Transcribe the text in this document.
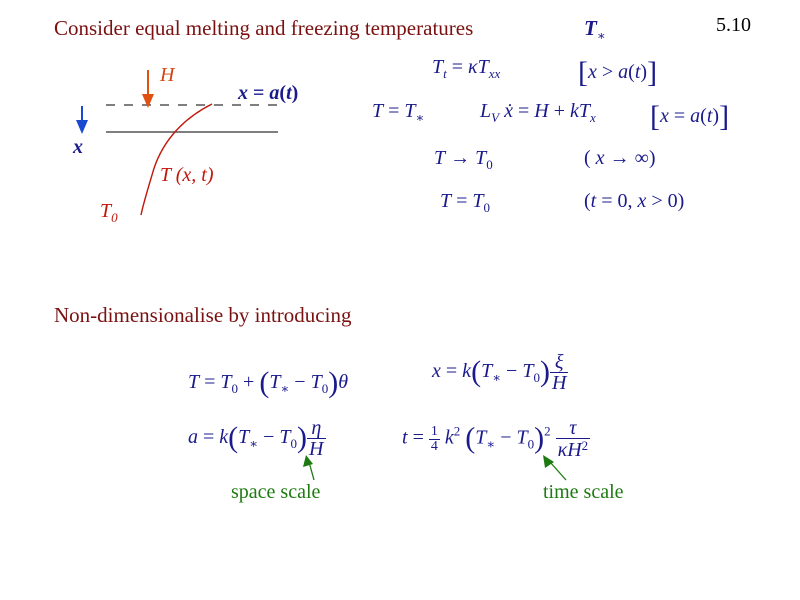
Consider equal melting and freezing temperatures	$T_∗$	5.10
H
x = a(t)
x
T (x, t)
$T_0$
$T_t = \kappa T_{xx}$	[x > a(t)]
$T = T_∗$	$L_V$ ẋ = $H + kT_x$ [x = a(t)]
$T \to T_0$	( x → ∞)
$T = T_0$	(t = 0, x > 0)
Non-dimensionalise by introducing
$T = T_0 + (T_∗ - T_0)\theta$	$x = k(T_∗ - T_0) \frac{\xi}{H}$
$a = k(T_∗ - T_0) \frac{\eta}{H}$	$t = \frac{1}{4} k^2$ $(T_∗ - T_0)^2 \frac{\tau}{\kappa H^2}$
space scale	time scale
